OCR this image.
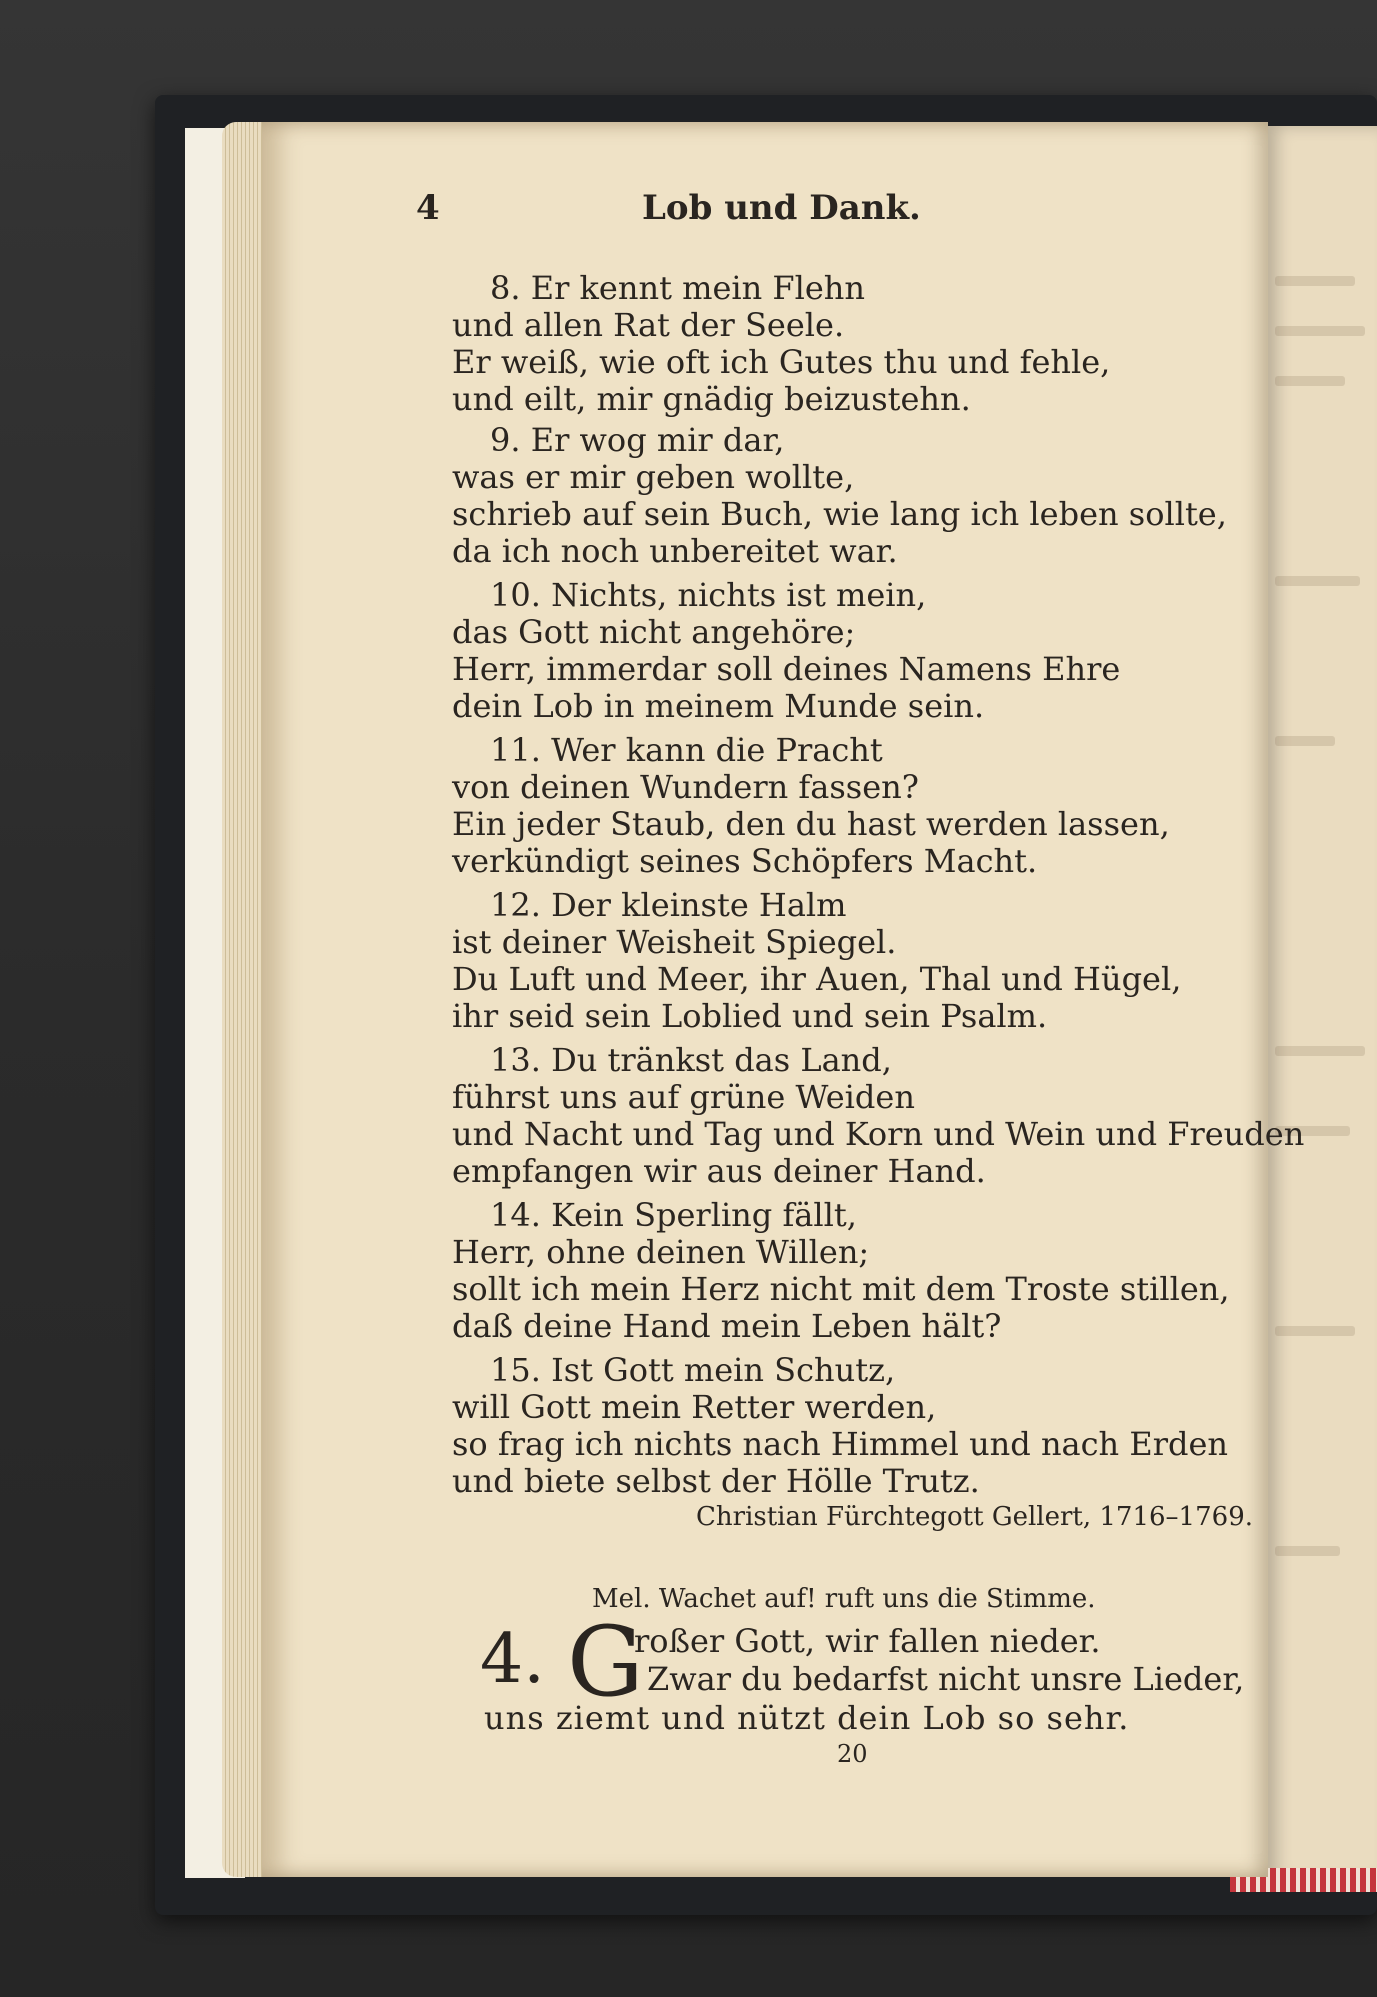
4	Lob und Dank.
8. Er kennt mein Flehn
und allen Rat der Seele.
Er weiß, wie oft ich Gutes thu und fehle,
und eilt, mir gnädig beizustehn.
9. Er wog mir dar,
was er mir geben wollte,
schrieb auf sein Buch, wie lang ich leben sollte,
da ich noch unbereitet war.
10. Nichts, nichts ist mein,
das Gott nicht angehöre;
Herr, immerdar soll deines Namens Ehre
dein Lob in meinem Munde sein.
11. Wer kann die Pracht
von deinen Wundern fassen?
Ein jeder Staub, den du hast werden lassen,
verkündigt seines Schöpfers Macht.
12. Der kleinste Halm
ist deiner Weisheit Spiegel.
Du Luft und Meer, ihr Auen, Thal und Hügel,
ihr seid sein Loblied und sein Psalm.
13. Du tränkst das Land,
führst uns auf grüne Weiden
und Nacht und Tag und Korn und Wein und Freuden
empfangen wir aus deiner Hand.
14. Kein Sperling fällt,
Herr, ohne deinen Willen;
sollt ich mein Herz nicht mit dem Troste stillen,
daß deine Hand mein Leben hält?
15. Ist Gott mein Schutz,
will Gott mein Retter werden,
so frag ich nichts nach Himmel und nach Erden
und biete selbst der Hölle Trutz.
Christian Fürchtegott Gellert, 1716–1769.
Mel. Wachet auf! ruft uns die Stimme.
4. G
roßer Gott, wir fallen nieder.
Zwar du bedarfst nicht unsre Lieder,
uns ziemt und nützt dein Lob so sehr.
20
